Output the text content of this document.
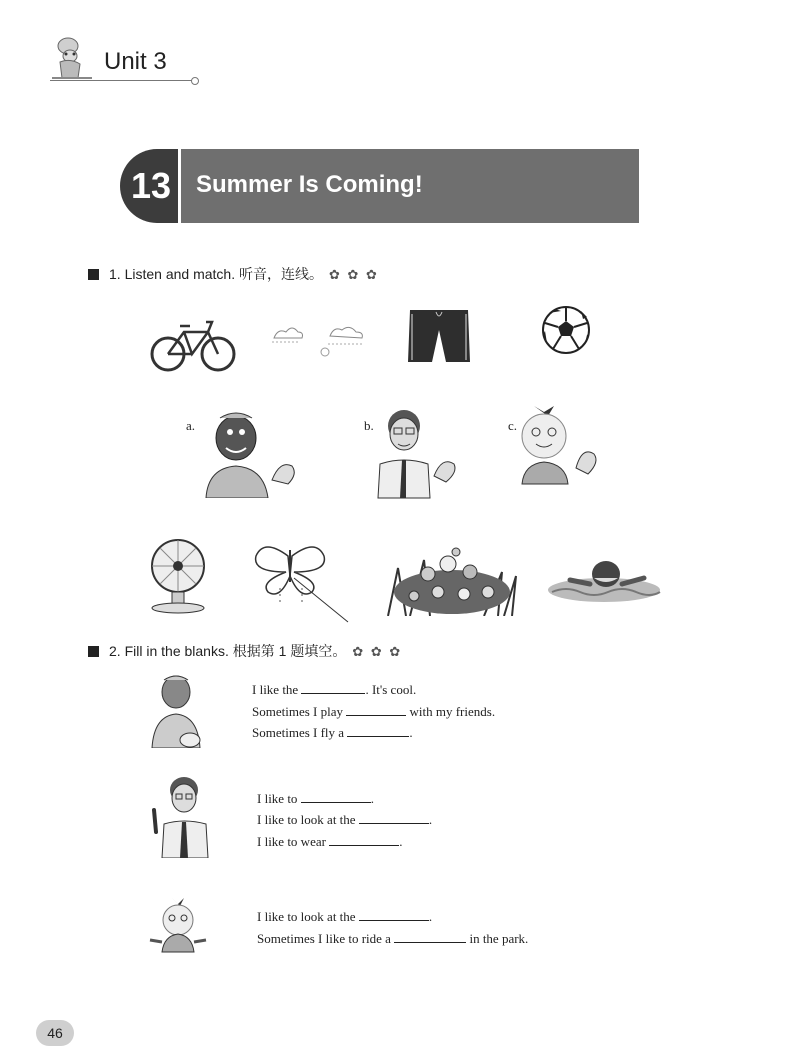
Unit 3
13 Summer Is Coming!
1. Listen and match. 听音，连线。 ✿ ✿ ✿
a.	b.	c.
2. Fill in the blanks. 根据第 1 题填空。 ✿ ✿ ✿
I like the	. It's cool.
Sometimes I play	with my friends.
Sometimes I fly a	.
I like to	.
I like to look at the	.
I like to wear	.
I like to look at the	.
Sometimes I like to ride a	in the park.
46
